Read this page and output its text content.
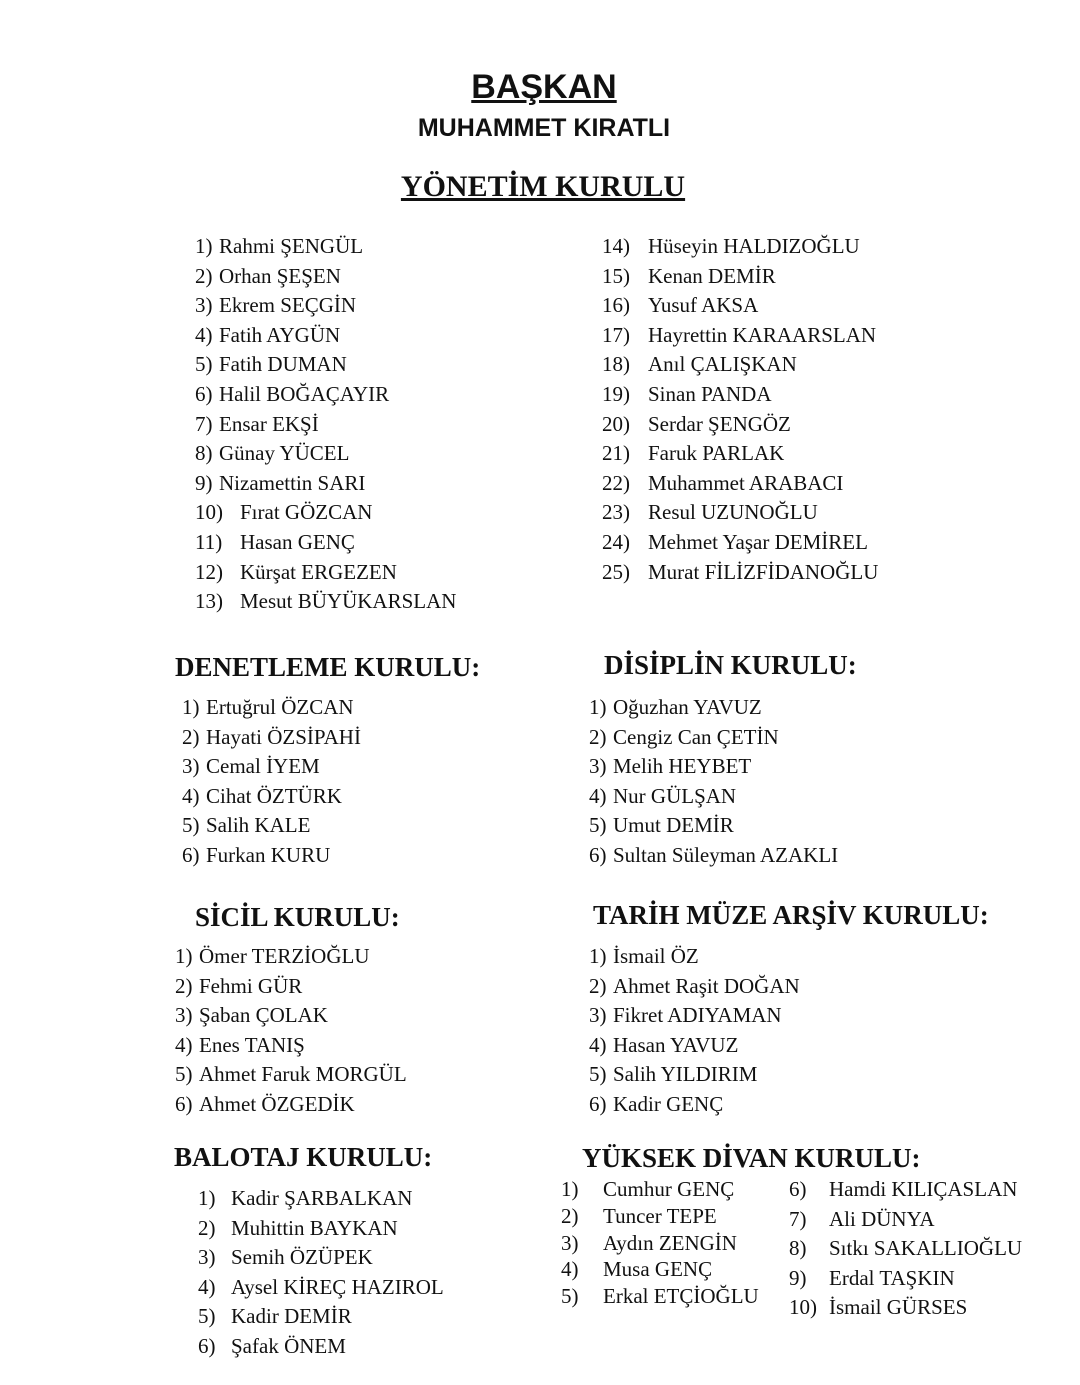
BAŞKAN
MUHAMMET KIRATLI
YÖNETİM KURULU
1) Rahmi ŞENGÜL
2) Orhan ŞEŞEN
3) Ekrem SEÇGİN
4) Fatih AYGÜN
5) Fatih DUMAN
6) Halil BOĞAÇAYIR
7) Ensar EKŞİ
8) Günay YÜCEL
9) Nizamettin SARI
10) Fırat GÖZCAN
11) Hasan GENÇ
12) Kürşat ERGEZEN
13) Mesut BÜYÜKARSLAN
14) Hüseyin HALDIZOĞLU
15) Kenan DEMİR
16) Yusuf AKSA
17) Hayrettin KARAARSLAN
18) Anıl ÇALIŞKAN
19) Sinan PANDA
20) Serdar ŞENGÖZ
21) Faruk PARLAK
22) Muhammet ARABACI
23) Resul UZUNOĞLU
24) Mehmet Yaşar DEMİREL
25) Murat FİLİZFİDANOĞLU
DENETLEME KURULU:
1) Ertuğrul ÖZCAN
2) Hayati ÖZSİPAHİ
3) Cemal İYEM
4) Cihat ÖZTÜRK
5) Salih KALE
6) Furkan KURU
DİSİPLİN KURULU:
1) Oğuzhan YAVUZ
2) Cengiz Can ÇETİN
3) Melih HEYBET
4) Nur GÜLŞAN
5) Umut DEMİR
6) Sultan Süleyman AZAKLI
SİCİL KURULU:
1) Ömer TERZİOĞLU
2) Fehmi GÜR
3) Şaban ÇOLAK
4) Enes TANIŞ
5) Ahmet Faruk MORGÜL
6) Ahmet ÖZGEDİK
TARİH MÜZE ARŞİV KURULU:
1) İsmail ÖZ
2) Ahmet Raşit DOĞAN
3) Fikret ADIYAMAN
4) Hasan YAVUZ
5) Salih YILDIRIM
6) Kadir GENÇ
BALOTAJ KURULU:
1) Kadir ŞARBALKAN
2) Muhittin BAYKAN
3) Semih ÖZÜPEK
4) Aysel KİREÇ HAZIROL
5) Kadir DEMİR
6) Şafak ÖNEM
YÜKSEK DİVAN KURULU:
1)	Cumhur GENÇ
2)	Tuncer TEPE
3)	Aydın ZENGİN
4)	Musa GENÇ
5)	Erkal ETÇİOĞLU
6)	Hamdi KILIÇASLAN
7)	Ali DÜNYA
8)	Sıtkı SAKALLIOĞLU
9)	Erdal TAŞKIN
10) İsmail GÜRSES
